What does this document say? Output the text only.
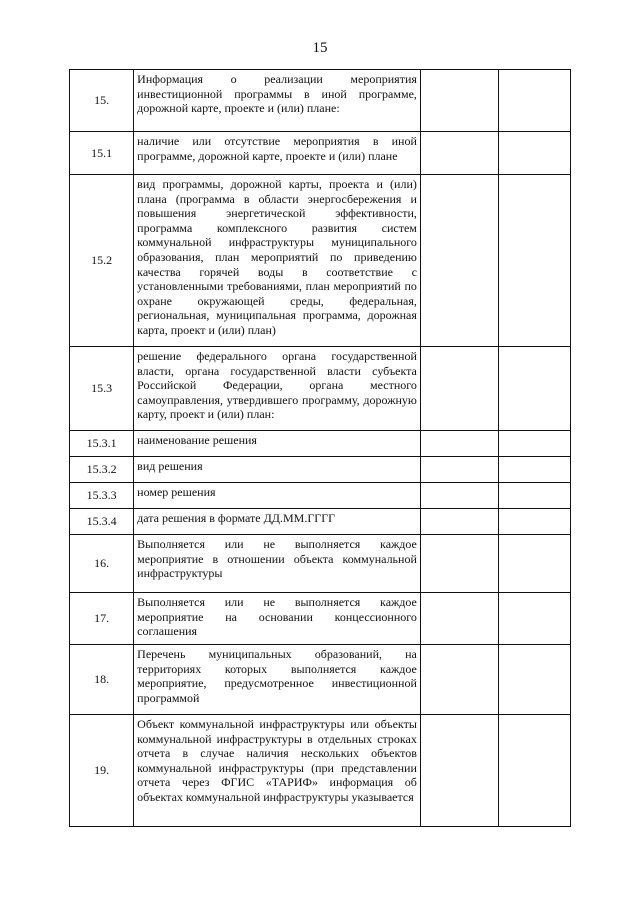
15
15.	Информация о реализации мероприятия инвестиционной программы в иной программе, дорожной карте, проекте и (или) плане:		

15.1	наличие или отсутствие мероприятия в иной программе, дорожной карте, проекте и (или) плане		

15.2	вид программы, дорожной карты, проекта и (или) плана (программа в области энергосбережения и повышения энергетической эффективности, программа комплексного развития систем коммунальной инфраструктуры муниципального образования, план мероприятий по приведению качества горячей воды в соответствие с установленными требованиями, план мероприятий по охране окружающей среды, федеральная, региональная, муниципальная программа, дорожная карта, проект и (или) план)		

15.3	решение федерального органа государственной власти, органа государственной власти субъекта Российской Федерации, органа местного самоуправления, утвердившего программу, дорожную карту, проект и (или) план:		

15.3.1	наименование решения		

15.3.2	вид решения		

15.3.3	номер решения		

15.3.4	дата решения в формате ДД.ММ.ГГГГ		

16.	Выполняется или не выполняется каждое мероприятие в отношении объекта коммунальной инфраструктуры		

17.	Выполняется или не выполняется каждое мероприятие на основании концессионного соглашения		

18.	Перечень муниципальных образований, на территориях которых выполняется каждое мероприятие, предусмотренное инвестиционной программой		

19.	Объект коммунальной инфраструктуры или объекты коммунальной инфраструктуры в отдельных строках отчета в случае наличия нескольких объектов коммунальной инфраструктуры (при представлении отчета через ФГИС «ТАРИФ» информация об объектах коммунальной инфраструктуры указывается		
